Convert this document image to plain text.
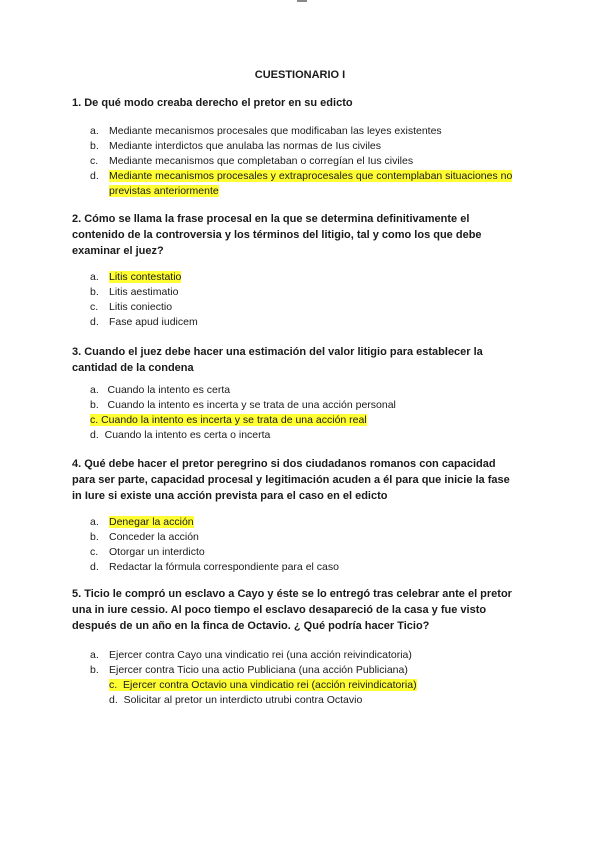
CUESTIONARIO I
1. De qué modo creaba derecho el pretor en su edicto
a. Mediante mecanismos procesales que modificaban las leyes existentes
b. Mediante interdictos que anulaba las normas de Ius civiles
c.	Mediante mecanismos que completaban o corregían el Ius civiles
d. Mediante mecanismos procesales y extraprocesales que contemplaban situaciones no previstas anteriormente
2. Cómo se llama la frase procesal en la que se determina definitivamente el contenido de la controversia y los términos del litigio, tal y como los que debe examinar el juez?
a. Litis contestatio
b. Litis aestimatio
c.	Litis coniectio
d. Fase apud iudicem
3. Cuando el juez debe hacer una estimación del valor litigio para establecer la cantidad de la condena
a. Cuando la intento es certa
b. Cuando la intento es incerta y se trata de una acción personal
c. Cuando la intento es incerta y se trata de una acción real
d. Cuando la intento es certa o incerta
4. Qué debe hacer el pretor peregrino si dos ciudadanos romanos con capacidad para ser parte, capacidad procesal y legitimación acuden a él para que inicie la fase in Iure si existe una acción prevista para el caso en el edicto
a. Denegar la acción
b. Conceder la acción
c.	Otorgar un interdicto
d. Redactar la fórmula correspondiente para el caso
5. Ticio le compró un esclavo a Cayo y éste se lo entregó tras celebrar ante el pretor una in iure cessio. Al poco tiempo el esclavo desapareció de la casa y fue visto después de un año en la finca de Octavio. ¿ Qué podría hacer Ticio?
a. Ejercer contra Cayo una vindicatio rei (una acción reivindicatoria)
b. Ejercer contra Ticio una actio Publiciana (una acción Publiciana)
c. Ejercer contra Octavio una vindicatio rei (acción reivindicatoria)
d. Solicitar al pretor un interdicto utrubi contra Octavio
